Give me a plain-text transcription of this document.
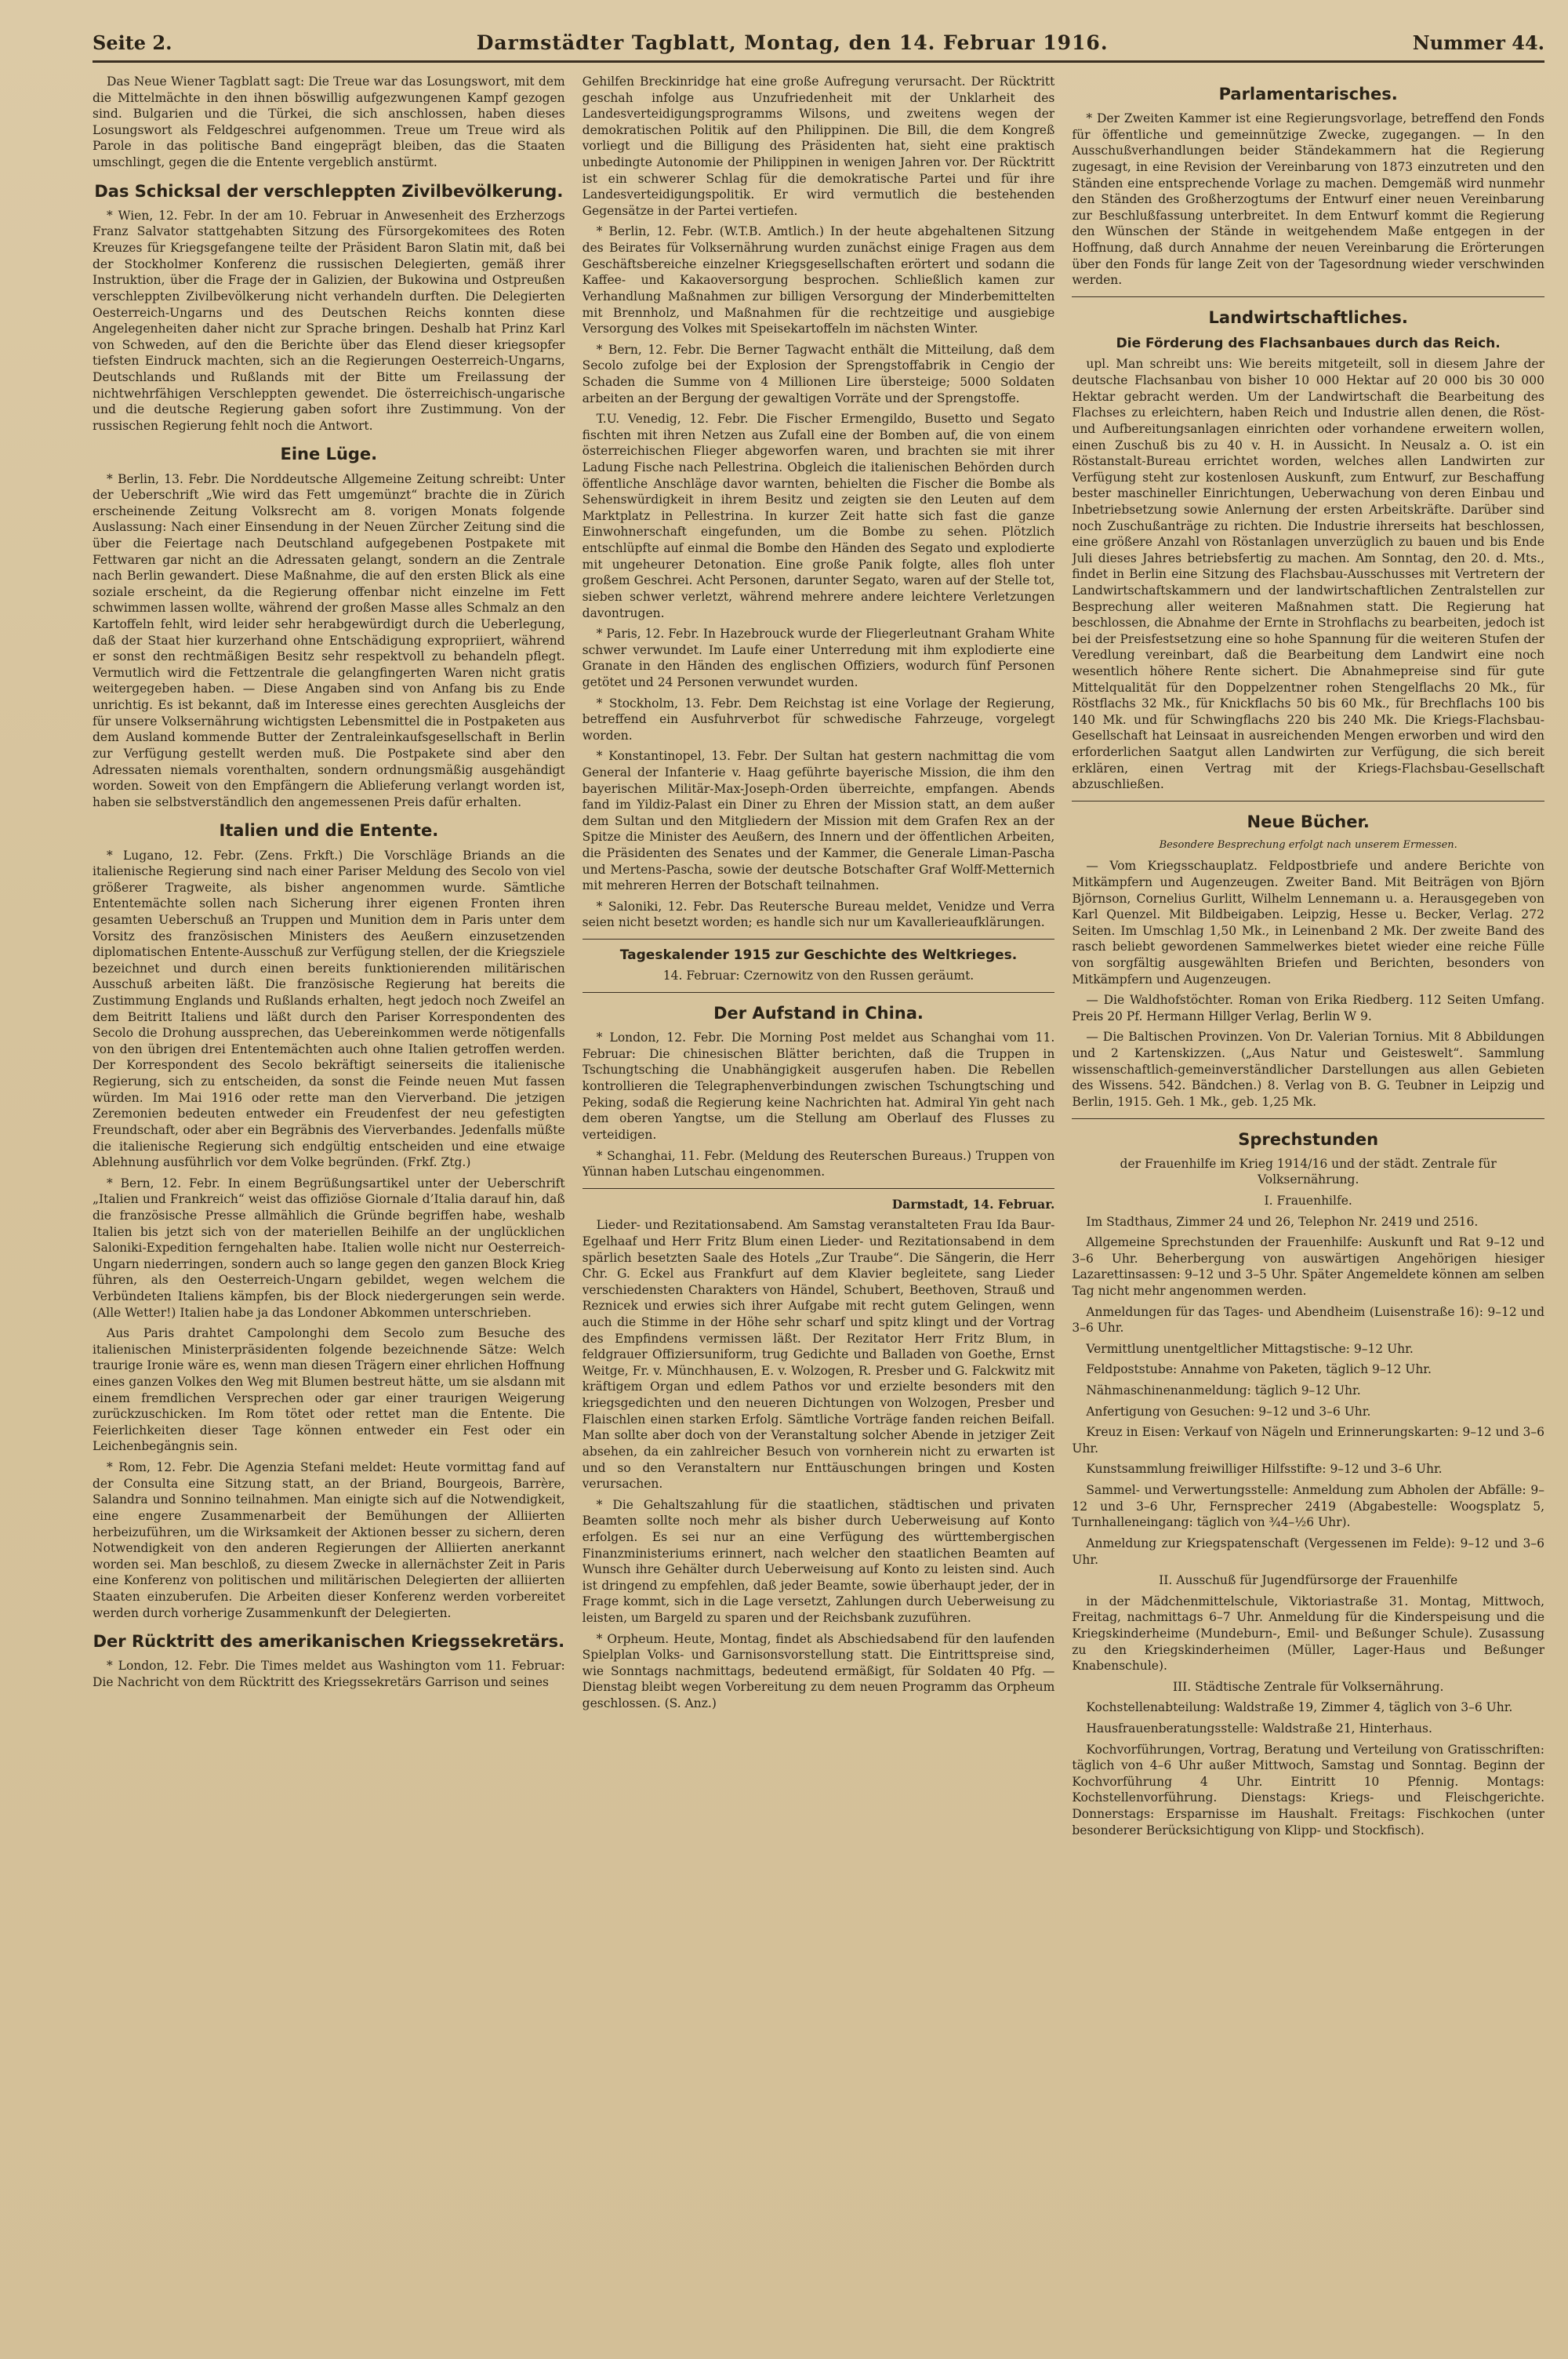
Seite 2.	Darmstädter Tagblatt, Montag, den 14. Februar 1916.	Nummer 44.

Das Neue Wiener Tagblatt sagt: Die Treue war das Losungswort, mit dem die Mittelmächte in den ihnen böswillig aufgezwungenen Kampf gezogen sind. Bulgarien und die Türkei, die sich anschlossen, haben dieses Losungswort als Feldgeschrei aufgenommen. Treue um Treue wird als Parole in das politische Band eingeprägt bleiben, das die Staaten umschlingt, gegen die die Entente vergeblich anstürmt.

Das Schicksal der verschleppten Zivilbevölkerung.

* Wien, 12. Febr. In der am 10. Februar in Anwesenheit des Erzherzogs Franz Salvator stattgehabten Sitzung des Fürsorgekomitees des Roten Kreuzes für Kriegsgefangene teilte der Präsident Baron Slatin mit, daß bei der Stockholmer Konferenz die russischen Delegierten, gemäß ihrer Instruktion, über die Frage der in Galizien, der Bukowina und Ostpreußen verschleppten Zivilbevölkerung nicht verhandeln durften. Die Delegierten Oesterreich-Ungarns und des Deutschen Reichs konnten diese Angelegenheiten daher nicht zur Sprache bringen. Deshalb hat Prinz Karl von Schweden, auf den die Berichte über das Elend dieser kriegsopfer tiefsten Eindruck machten, sich an die Regierungen Oesterreich-Ungarns, Deutschlands und Rußlands mit der Bitte um Freilassung der nichtwehrfähigen Verschleppten gewendet. Die österreichisch-ungarische und die deutsche Regierung gaben sofort ihre Zustimmung. Von der russischen Regierung fehlt noch die Antwort.

Eine Lüge.

* Berlin, 13. Febr. Die Norddeutsche Allgemeine Zeitung schreibt: Unter der Ueberschrift „Wie wird das Fett umgemünzt“ brachte die in Zürich erscheinende Zeitung Volksrecht am 8. vorigen Monats folgende Auslassung: Nach einer Einsendung in der Neuen Zürcher Zeitung sind die über die Feiertage nach Deutschland aufgegebenen Postpakete mit Fettwaren gar nicht an die Adressaten gelangt, sondern an die Zentrale nach Berlin gewandert. Diese Maßnahme, die auf den ersten Blick als eine soziale erscheint, da die Regierung offenbar nicht einzelne im Fett schwimmen lassen wollte, während der großen Masse alles Schmalz an den Kartoffeln fehlt, wird leider sehr herabgewürdigt durch die Ueberlegung, daß der Staat hier kurzerhand ohne Entschädigung expropriiert, während er sonst den rechtmäßigen Besitz sehr respektvoll zu behandeln pflegt. Vermutlich wird die Fettzentrale die gelangfingerten Waren nicht gratis weitergegeben haben. — Diese Angaben sind von Anfang bis zu Ende unrichtig. Es ist bekannt, daß im Interesse eines gerechten Ausgleichs der für unsere Volksernährung wichtigsten Lebensmittel die in Postpaketen aus dem Ausland kommende Butter der Zentraleinkaufsgesellschaft in Berlin zur Verfügung gestellt werden muß. Die Postpakete sind aber den Adressaten niemals vorenthalten, sondern ordnungsmäßig ausgehändigt worden. Soweit von den Empfängern die Ablieferung verlangt worden ist, haben sie selbstverständlich den angemessenen Preis dafür erhalten.

Italien und die Entente.

* Lugano, 12. Febr. (Zens. Frkft.) Die Vorschläge Briands an die italienische Regierung sind nach einer Pariser Meldung des Secolo von viel größerer Tragweite, als bisher angenommen wurde. Sämtliche Ententemächte sollen nach Sicherung ihrer eigenen Fronten ihren gesamten Ueberschuß an Truppen und Munition dem in Paris unter dem Vorsitz des französischen Ministers des Aeußern einzusetzenden diplomatischen Entente-Ausschuß zur Verfügung stellen, der die Kriegsziele bezeichnet und durch einen bereits funktionierenden militärischen Ausschuß arbeiten läßt. Die französische Regierung hat bereits die Zustimmung Englands und Rußlands erhalten, hegt jedoch noch Zweifel an dem Beitritt Italiens und läßt durch den Pariser Korrespondenten des Secolo die Drohung aussprechen, das Uebereinkommen werde nötigenfalls von den übrigen drei Ententemächten auch ohne Italien getroffen werden. Der Korrespondent des Secolo bekräftigt seinerseits die italienische Regierung, sich zu entscheiden, da sonst die Feinde neuen Mut fassen würden. Im Mai 1916 oder rette man den Vierverband. Die jetzigen Zeremonien bedeuten entweder ein Freudenfest der neu gefestigten Freundschaft, oder aber ein Begräbnis des Vierverbandes. Jedenfalls müßte die italienische Regierung sich endgültig entscheiden und eine etwaige Ablehnung ausführlich vor dem Volke begründen. (Frkf. Ztg.)

* Bern, 12. Febr. In einem Begrüßungsartikel unter der Ueberschrift „Italien und Frankreich“ weist das offiziöse Giornale d’Italia darauf hin, daß die französische Presse allmählich die Gründe begriffen habe, weshalb Italien bis jetzt sich von der materiellen Beihilfe an der unglücklichen Saloniki-Expedition ferngehalten habe. Italien wolle nicht nur Oesterreich-Ungarn niederringen, sondern auch so lange gegen den ganzen Block Krieg führen, als den Oesterreich-Ungarn gebildet, wegen welchem die Verbündeten Italiens kämpfen, bis der Block niedergerungen sein werde. (Alle Wetter!) Italien habe ja das Londoner Abkommen unterschrieben.

Aus Paris drahtet Campolonghi dem Secolo zum Besuche des italienischen Ministerpräsidenten folgende bezeichnende Sätze: Welch traurige Ironie wäre es, wenn man diesen Trägern einer ehrlichen Hoffnung eines ganzen Volkes den Weg mit Blumen bestreut hätte, um sie alsdann mit einem fremdlichen Versprechen oder gar einer traurigen Weigerung zurückzuschicken. Im Rom tötet oder rettet man die Entente. Die Feierlichkeiten dieser Tage können entweder ein Fest oder ein Leichenbegängnis sein.

* Rom, 12. Febr. Die Agenzia Stefani meldet: Heute vormittag fand auf der Consulta eine Sitzung statt, an der Briand, Bourgeois, Barrère, Salandra und Sonnino teilnahmen. Man einigte sich auf die Notwendigkeit, eine engere Zusammenarbeit der Bemühungen der Alliierten herbeizuführen, um die Wirksamkeit der Aktionen besser zu sichern, deren Notwendigkeit von den anderen Regierungen der Alliierten anerkannt worden sei. Man beschloß, zu diesem Zwecke in allernächster Zeit in Paris eine Konferenz von politischen und militärischen Delegierten der alliierten Staaten einzuberufen. Die Arbeiten dieser Konferenz werden vorbereitet werden durch vorherige Zusammenkunft der Delegierten.

Der Rücktritt des amerikanischen Kriegssekretärs.

* London, 12. Febr. Die Times meldet aus Washington vom 11. Februar: Die Nachricht von dem Rücktritt des Kriegssekretärs Garrison und seines

Gehilfen Breckinridge hat eine große Aufregung verursacht. Der Rücktritt geschah infolge aus Unzufriedenheit mit der Unklarheit des Landesverteidigungsprogramms Wilsons, und zweitens wegen der demokratischen Politik auf den Philippinen. Die Bill, die dem Kongreß vorliegt und die Billigung des Präsidenten hat, sieht eine praktisch unbedingte Autonomie der Philippinen in wenigen Jahren vor. Der Rücktritt ist ein schwerer Schlag für die demokratische Partei und für ihre Landesverteidigungspolitik. Er wird vermutlich die bestehenden Gegensätze in der Partei vertiefen.

* Berlin, 12. Febr. (W.T.B. Amtlich.) In der heute abgehaltenen Sitzung des Beirates für Volksernährung wurden zunächst einige Fragen aus dem Geschäftsbereiche einzelner Kriegsgesellschaften erörtert und sodann die Kaffee- und Kakaoversorgung besprochen. Schließlich kamen zur Verhandlung Maßnahmen zur billigen Versorgung der Minderbemittelten mit Brennholz, und Maßnahmen für die rechtzeitige und ausgiebige Versorgung des Volkes mit Speisekartoffeln im nächsten Winter.

* Bern, 12. Febr. Die Berner Tagwacht enthält die Mitteilung, daß dem Secolo zufolge bei der Explosion der Sprengstoffabrik in Cengio der Schaden die Summe von 4 Millionen Lire übersteige; 5000 Soldaten arbeiten an der Bergung der gewaltigen Vorräte und der Sprengstoffe.

T.U. Venedig, 12. Febr. Die Fischer Ermengildo, Busetto und Segato fischten mit ihren Netzen aus Zufall eine der Bomben auf, die von einem österreichischen Flieger abgeworfen waren, und brachten sie mit ihrer Ladung Fische nach Pellestrina. Obgleich die italienischen Behörden durch öffentliche Anschläge davor warnten, behielten die Fischer die Bombe als Sehenswürdigkeit in ihrem Besitz und zeigten sie den Leuten auf dem Marktplatz in Pellestrina. In kurzer Zeit hatte sich fast die ganze Einwohnerschaft eingefunden, um die Bombe zu sehen. Plötzlich entschlüpfte auf einmal die Bombe den Händen des Segato und explodierte mit ungeheurer Detonation. Eine große Panik folgte, alles floh unter großem Geschrei. Acht Personen, darunter Segato, waren auf der Stelle tot, sieben schwer verletzt, während mehrere andere leichtere Verletzungen davontrugen.

* Paris, 12. Febr. In Hazebrouck wurde der Fliegerleutnant Graham White schwer verwundet. Im Laufe einer Unterredung mit ihm explodierte eine Granate in den Händen des englischen Offiziers, wodurch fünf Personen getötet und 24 Personen verwundet wurden.

* Stockholm, 13. Febr. Dem Reichstag ist eine Vorlage der Regierung, betreffend ein Ausfuhrverbot für schwedische Fahrzeuge, vorgelegt worden.

* Konstantinopel, 13. Febr. Der Sultan hat gestern nachmittag die vom General der Infanterie v. Haag geführte bayerische Mission, die ihm den bayerischen Militär-Max-Joseph-Orden überreichte, empfangen. Abends fand im Yildiz-Palast ein Diner zu Ehren der Mission statt, an dem außer dem Sultan und den Mitgliedern der Mission mit dem Grafen Rex an der Spitze die Minister des Aeußern, des Innern und der öffentlichen Arbeiten, die Präsidenten des Senates und der Kammer, die Generale Liman-Pascha und Mertens-Pascha, sowie der deutsche Botschafter Graf Wolff-Metternich mit mehreren Herren der Botschaft teilnahmen.

* Saloniki, 12. Febr. Das Reutersche Bureau meldet, Venidze und Verra seien nicht besetzt worden; es handle sich nur um Kavallerieaufklärungen.

Tageskalender 1915 zur Geschichte des Weltkrieges.

14. Februar: Czernowitz von den Russen geräumt.

Der Aufstand in China.

* London, 12. Febr. Die Morning Post meldet aus Schanghai vom 11. Februar: Die chinesischen Blätter berichten, daß die Truppen in Tschungtsching die Unabhängigkeit ausgerufen haben. Die Rebellen kontrollieren die Telegraphenverbindungen zwischen Tschungtsching und Peking, sodaß die Regierung keine Nachrichten hat. Admiral Yin geht nach dem oberen Yangtse, um die Stellung am Oberlauf des Flusses zu verteidigen.

* Schanghai, 11. Febr. (Meldung des Reuterschen Bureaus.) Truppen von Yünnan haben Lutschau eingenommen.

Darmstadt, 14. Februar.

Lieder- und Rezitationsabend. Am Samstag veranstalteten Frau Ida Baur-Egelhaaf und Herr Fritz Blum einen Lieder- und Rezitationsabend in dem spärlich besetzten Saale des Hotels „Zur Traube“. Die Sängerin, die Herr Chr. G. Eckel aus Frankfurt auf dem Klavier begleitete, sang Lieder verschiedensten Charakters von Händel, Schubert, Beethoven, Strauß und Reznicek und erwies sich ihrer Aufgabe mit recht gutem Gelingen, wenn auch die Stimme in der Höhe sehr scharf und spitz klingt und der Vortrag des Empfindens vermissen läßt. Der Rezitator Herr Fritz Blum, in feldgrauer Offiziersuniform, trug Gedichte und Balladen von Goethe, Ernst Weitge, Fr. v. Münchhausen, E. v. Wolzogen, R. Presber und G. Falckwitz mit kräftigem Organ und edlem Pathos vor und erzielte besonders mit den kriegsgedichten und den neueren Dichtungen von Wolzogen, Presber und Flaischlen einen starken Erfolg. Sämtliche Vorträge fanden reichen Beifall. Man sollte aber doch von der Veranstaltung solcher Abende in jetziger Zeit absehen, da ein zahlreicher Besuch von vornherein nicht zu erwarten ist und so den Veranstaltern nur Enttäuschungen bringen und Kosten verursachen.

* Die Gehaltszahlung für die staatlichen, städtischen und privaten Beamten sollte noch mehr als bisher durch Ueberweisung auf Konto erfolgen. Es sei nur an eine Verfügung des württembergischen Finanzministeriums erinnert, nach welcher den staatlichen Beamten auf Wunsch ihre Gehälter durch Ueberweisung auf Konto zu leisten sind. Auch ist dringend zu empfehlen, daß jeder Beamte, sowie überhaupt jeder, der in Frage kommt, sich in die Lage versetzt, Zahlungen durch Ueberweisung zu leisten, um Bargeld zu sparen und der Reichsbank zuzuführen.

* Orpheum. Heute, Montag, findet als Abschiedsabend für den laufenden Spielplan Volks- und Garnisonsvorstellung statt. Die Eintrittspreise sind, wie Sonntags nachmittags, bedeutend ermäßigt, für Soldaten 40 Pfg. — Dienstag bleibt wegen Vorbereitung zu dem neuen Programm das Orpheum geschlossen. (S. Anz.)

Parlamentarisches.

* Der Zweiten Kammer ist eine Regierungsvorlage, betreffend den Fonds für öffentliche und gemeinnützige Zwecke, zugegangen. — In den Ausschußverhandlungen beider Ständekammern hat die Regierung zugesagt, in eine Revision der Vereinbarung von 1873 einzutreten und den Ständen eine entsprechende Vorlage zu machen. Demgemäß wird nunmehr den Ständen des Großherzogtums der Entwurf einer neuen Vereinbarung zur Beschlußfassung unterbreitet. In dem Entwurf kommt die Regierung den Wünschen der Stände in weitgehendem Maße entgegen in der Hoffnung, daß durch Annahme der neuen Vereinbarung die Erörterungen über den Fonds für lange Zeit von der Tagesordnung wieder verschwinden werden.

Landwirtschaftliches.
Die Förderung des Flachsanbaues durch das Reich.

upl. Man schreibt uns: Wie bereits mitgeteilt, soll in diesem Jahre der deutsche Flachsanbau von bisher 10 000 Hektar auf 20 000 bis 30 000 Hektar gebracht werden. Um der Landwirtschaft die Bearbeitung des Flachses zu erleichtern, haben Reich und Industrie allen denen, die Röst- und Aufbereitungsanlagen einrichten oder vorhandene erweitern wollen, einen Zuschuß bis zu 40 v. H. in Aussicht. In Neusalz a. O. ist ein Röstanstalt-Bureau errichtet worden, welches allen Landwirten zur Verfügung steht zur kostenlosen Auskunft, zum Entwurf, zur Beschaffung bester maschineller Einrichtungen, Ueberwachung von deren Einbau und Inbetriebsetzung sowie Anlernung der ersten Arbeitskräfte. Darüber sind noch Zuschußanträge zu richten. Die Industrie ihrerseits hat beschlossen, eine größere Anzahl von Röstanlagen unverzüglich zu bauen und bis Ende Juli dieses Jahres betriebsfertig zu machen. Am Sonntag, den 20. d. Mts., findet in Berlin eine Sitzung des Flachsbau-Ausschusses mit Vertretern der Landwirtschaftskammern und der landwirtschaftlichen Zentralstellen zur Besprechung aller weiteren Maßnahmen statt. Die Regierung hat beschlossen, die Abnahme der Ernte in Strohflachs zu bearbeiten, jedoch ist bei der Preisfestsetzung eine so hohe Spannung für die weiteren Stufen der Veredlung vereinbart, daß die Bearbeitung dem Landwirt eine noch wesentlich höhere Rente sichert. Die Abnahmepreise sind für gute Mittelqualität für den Doppelzentner rohen Stengelflachs 20 Mk., für Röstflachs 32 Mk., für Knickflachs 50 bis 60 Mk., für Brechflachs 100 bis 140 Mk. und für Schwingflachs 220 bis 240 Mk. Die Kriegs-Flachsbau-Gesellschaft hat Leinsaat in ausreichenden Mengen erworben und wird den erforderlichen Saatgut allen Landwirten zur Verfügung, die sich bereit erklären, einen Vertrag mit der Kriegs-Flachsbau-Gesellschaft abzuschließen.

Neue Bücher.
Besondere Besprechung erfolgt nach unserem Ermessen.

— Vom Kriegsschauplatz. Feldpostbriefe und andere Berichte von Mitkämpfern und Augenzeugen. Zweiter Band. Mit Beiträgen von Björn Björnson, Cornelius Gurlitt, Wilhelm Lennemann u. a. Herausgegeben von Karl Quenzel. Mit Bildbeigaben. Leipzig, Hesse u. Becker, Verlag. 272 Seiten. Im Umschlag 1,50 Mk., in Leinenband 2 Mk. Der zweite Band des rasch beliebt gewordenen Sammelwerkes bietet wieder eine reiche Fülle von sorgfältig ausgewählten Briefen und Berichten, besonders von Mitkämpfern und Augenzeugen.

— Die Waldhofstöchter. Roman von Erika Riedberg. 112 Seiten Umfang. Preis 20 Pf. Hermann Hillger Verlag, Berlin W 9.

— Die Baltischen Provinzen. Von Dr. Valerian Tornius. Mit 8 Abbildungen und 2 Kartenskizzen. („Aus Natur und Geisteswelt“. Sammlung wissenschaftlich-gemeinverständlicher Darstellungen aus allen Gebieten des Wissens. 542. Bändchen.) 8. Verlag von B. G. Teubner in Leipzig und Berlin, 1915. Geh. 1 Mk., geb. 1,25 Mk.

Sprechstunden

der Frauenhilfe im Krieg 1914/16 und der städt. Zentrale für Volksernährung.

I. Frauenhilfe.

Im Stadthaus, Zimmer 24 und 26, Telephon Nr. 2419 und 2516.

Allgemeine Sprechstunden der Frauenhilfe: Auskunft und Rat 9–12 und 3–6 Uhr. Beherbergung von auswärtigen Angehörigen hiesiger Lazarettinsassen: 9–12 und 3–5 Uhr. Später Angemeldete können am selben Tag nicht mehr angenommen werden.

Anmeldungen für das Tages- und Abendheim (Luisenstraße 16): 9–12 und 3–6 Uhr.

Vermittlung unentgeltlicher Mittagstische: 9–12 Uhr.

Feldpoststube: Annahme von Paketen, täglich 9–12 Uhr.

Nähmaschinenanmeldung: täglich 9–12 Uhr.

Anfertigung von Gesuchen: 9–12 und 3–6 Uhr.

Kreuz in Eisen: Verkauf von Nägeln und Erinnerungskarten: 9–12 und 3–6 Uhr.

Kunstsammlung freiwilliger Hilfsstifte: 9–12 und 3–6 Uhr.

Sammel- und Verwertungsstelle: Anmeldung zum Abholen der Abfälle: 9–12 und 3–6 Uhr, Fernsprecher 2419 (Abgabestelle: Woogsplatz 5, Turnhalleneingang: täglich von ¾4–½6 Uhr).

Anmeldung zur Kriegspatenschaft (Vergessenen im Felde): 9–12 und 3–6 Uhr.

II. Ausschuß für Jugendfürsorge der Frauenhilfe

in der Mädchenmittelschule, Viktoriastraße 31. Montag, Mittwoch, Freitag, nachmittags 6–7 Uhr. Anmeldung für die Kinderspeisung und die Kriegskinderheime (Mundeburn-, Emil- und Beßunger Schule). Zusassung zu den Kriegskinderheimen (Müller, Lager-Haus und Beßunger Knabenschule).

III. Städtische Zentrale für Volksernährung.

Kochstellenabteilung: Waldstraße 19, Zimmer 4, täglich von 3–6 Uhr.

Hausfrauenberatungsstelle: Waldstraße 21, Hinterhaus.

Kochvorführungen, Vortrag, Beratung und Verteilung von Gratisschriften: täglich von 4–6 Uhr außer Mittwoch, Samstag und Sonntag. Beginn der Kochvorführung 4 Uhr. Eintritt 10 Pfennig. Montags: Kochstellenvorführung. Dienstags: Kriegs- und Fleischgerichte. Donnerstags: Ersparnisse im Haushalt. Freitags: Fischkochen (unter besonderer Berücksichtigung von Klipp- und Stockfisch).
